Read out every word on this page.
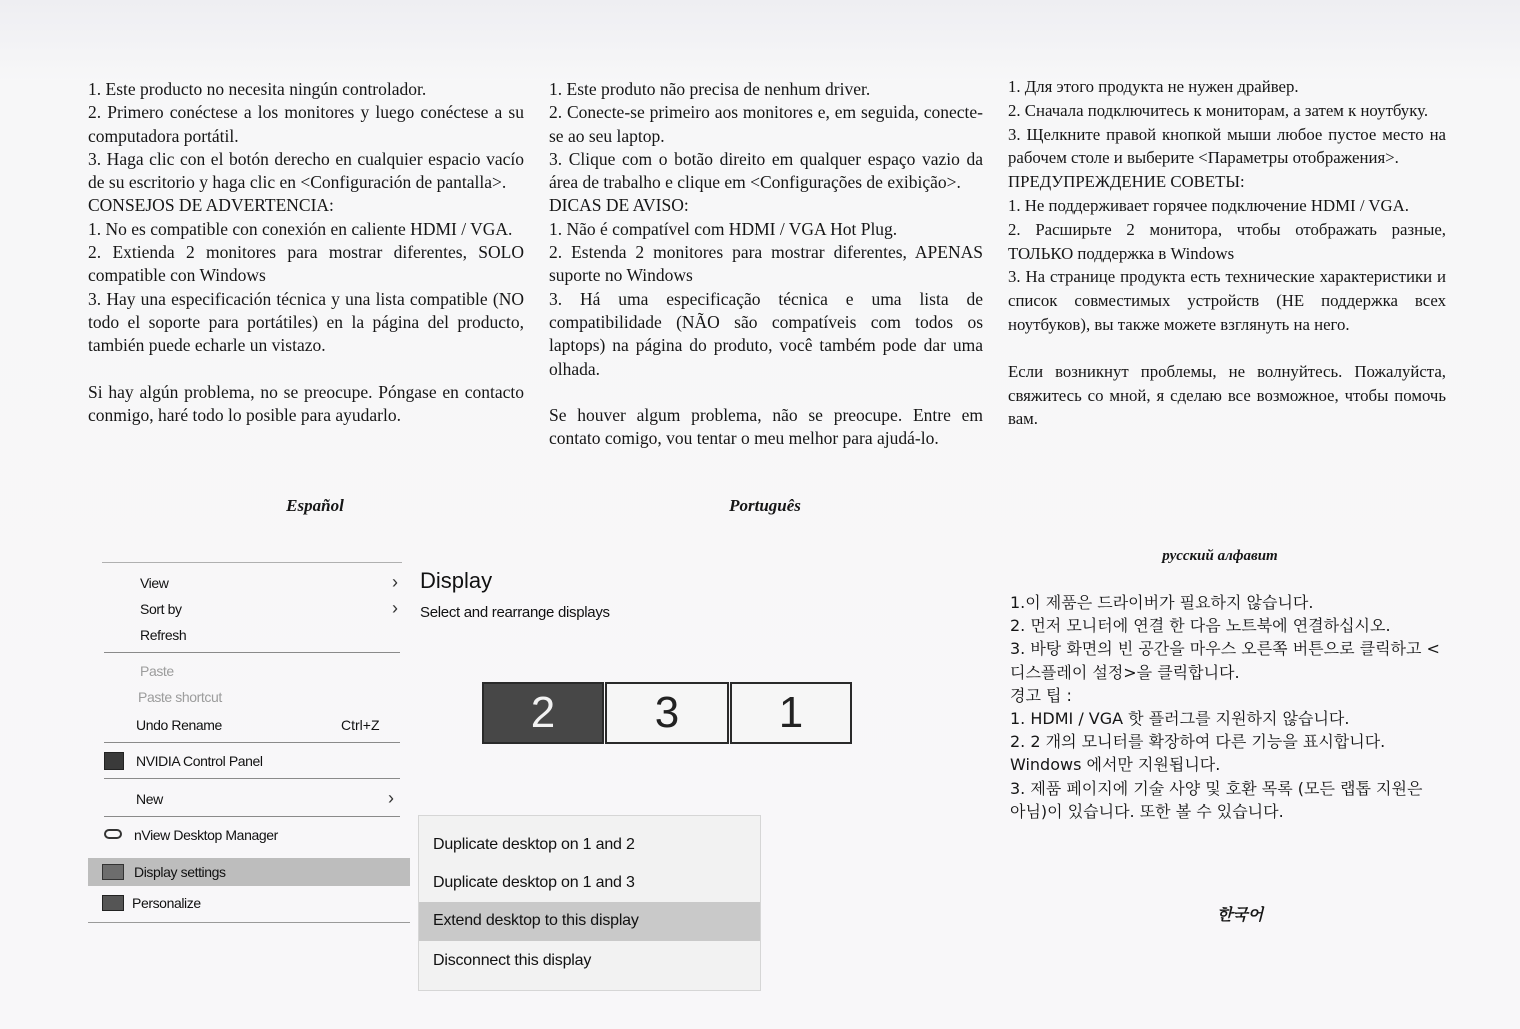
1. Este producto no necesita ningún controlador.

2. Primero conéctese a los monitores y luego conéctese a su computadora portátil.

3. Haga clic con el botón derecho en cualquier espacio vacío de su escritorio y haga clic en <Configuración de pantalla>.

CONSEJOS DE ADVERTENCIA:

1. No es compatible con conexión en caliente HDMI / VGA.

2. Extienda 2 monitores para mostrar diferentes, SOLO compatible con Windows

3. Hay una especificación técnica y una lista compatible (NO todo el soporte para portátiles) en la página del producto, también puede echarle un vistazo.

Si hay algún problema, no se preocupe. Póngase en contacto conmigo, haré todo lo posible para ayudarlo.

Español

1. Este produto não precisa de nenhum driver.

2. Conecte-se primeiro aos monitores e, em seguida, conecte-se ao seu laptop.

3. Clique com o botão direito em qualquer espaço vazio da área de trabalho e clique em <Configurações de exibição>.

DICAS DE AVISO:

1. Não é compatível com HDMI / VGA Hot Plug.

2. Estenda 2 monitores para mostrar diferentes, APENAS suporte no Windows

3. Há uma especificação técnica e uma lista de compatibilidade (NÃO são compatíveis com todos os laptops) na página do produto, você também pode dar uma olhada.

Se houver algum problema, não se preocupe. Entre em contato comigo, vou tentar o meu melhor para ajudá-lo.

Português

1. Для этого продукта не нужен драйвер.

2. Сначала подключитесь к мониторам, а затем к ноутбуку.

3. Щелкните правой кнопкой мыши любое пустое место на рабочем столе и выберите <Параметры отображения>.

ПРЕДУПРЕЖДЕНИЕ СОВЕТЫ:

1. Не поддерживает горячее подключение HDMI / VGA.

2. Расширьте 2 монитора, чтобы отображать разные, ТОЛЬКО поддержка в Windows

3. На странице продукта есть технические характеристики и список совместимых устройств (НЕ поддержка всех ноутбуков), вы также можете взглянуть на него.

Если возникнут проблемы, не волнуйтесь. Пожалуйста, свяжитесь со мной, я сделаю все возможное, чтобы помочь вам.

русский алфавит

1.이 제품은 드라이버가 필요하지 않습니다.

2. 먼저 모니터에 연결 한 다음 노트북에 연결하십시오.

3. 바탕 화면의 빈 공간을 마우스 오른쪽 버튼으로 클릭하고 <디스플레이 설정>을 클릭합니다.

경고 팁 :

1. HDMI / VGA 핫 플러그를 지원하지 않습니다.

2. 2 개의 모니터를 확장하여 다른 기능을 표시합니다. Windows 에서만 지원됩니다.

3. 제품 페이지에 기술 사양 및 호환 목록 (모든 랩톱 지원은 아님)이 있습니다. 또한 볼 수 있습니다.

한국어
View	›
Sort by	›
Refresh
Paste
Paste shortcut
Undo Rename	Ctrl+Z
NVIDIA Control Panel
New	›
nView Desktop Manager
Display settings
Personalize
Display
Select and rearrange displays
2	3	1
Duplicate desktop on 1 and 2
Duplicate desktop on 1 and 3
Extend desktop to this display
Disconnect this display
